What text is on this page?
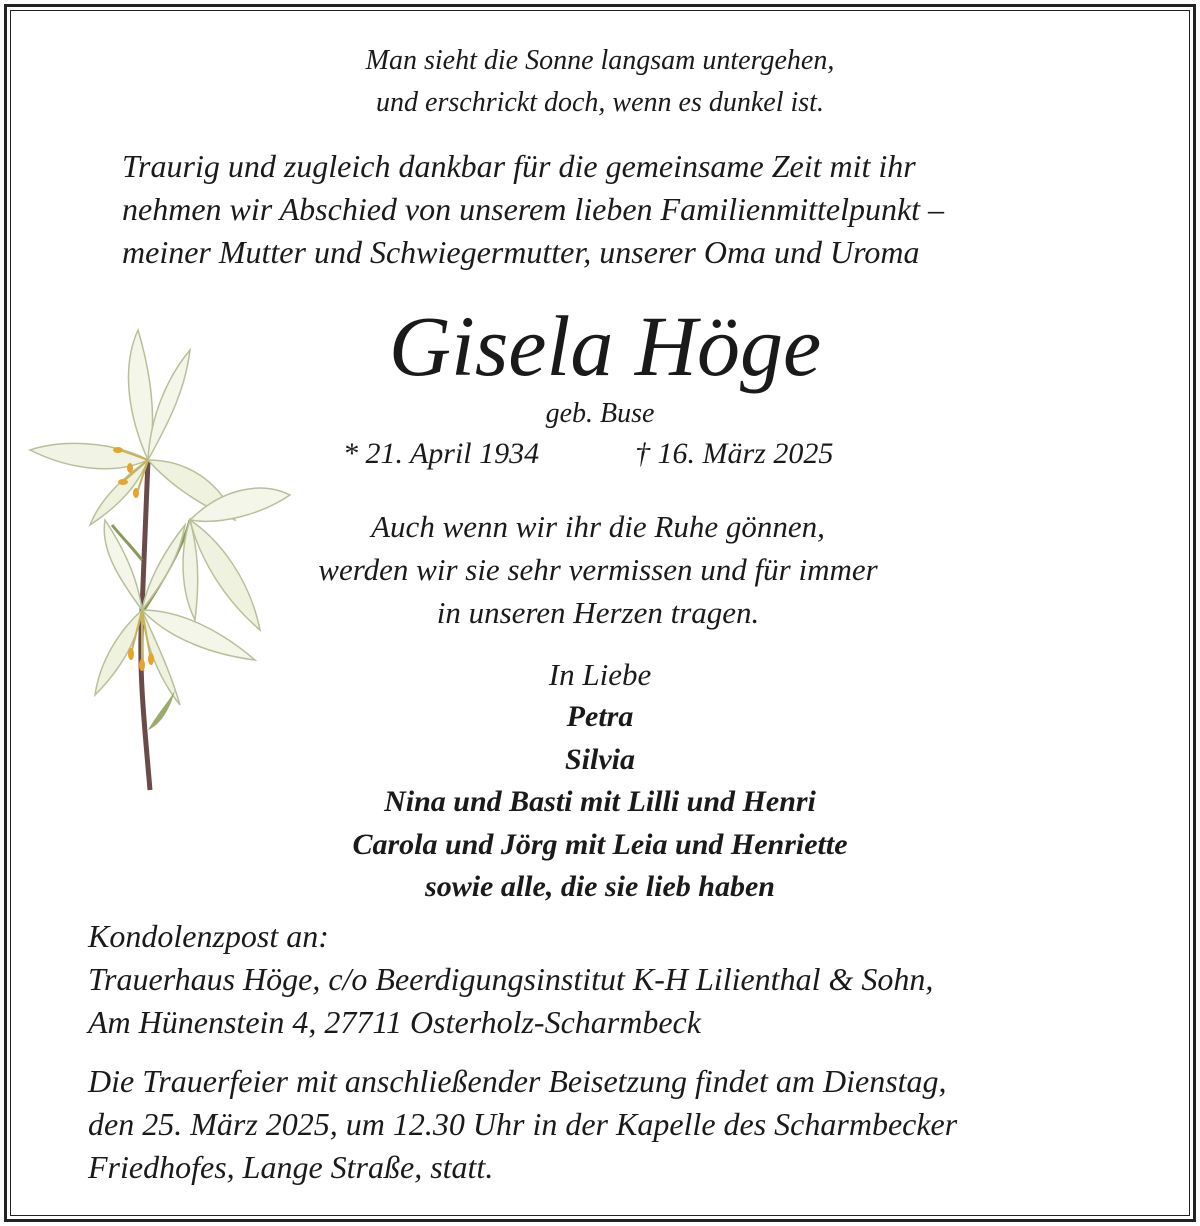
Man sieht die Sonne langsam untergehen,
und erschrickt doch, wenn es dunkel ist.
Traurig und zugleich dankbar für die gemeinsame Zeit mit ihr
nehmen wir Abschied von unserem lieben Familienmittelpunkt –
meiner Mutter und Schwiegermutter, unserer Oma und Uroma
Gisela Höge
geb. Buse
* 21. April 1934	† 16. März 2025
Auch wenn wir ihr die Ruhe gönnen,
werden wir sie sehr vermissen und für immer
in unseren Herzen tragen.
In Liebe
Petra
Silvia
Nina und Basti mit Lilli und Henri
Carola und Jörg mit Leia und Henriette
sowie alle, die sie lieb haben
Kondolenzpost an:
Trauerhaus Höge, c/o Beerdigungsinstitut K-H Lilienthal & Sohn,
Am Hünenstein 4, 27711 Osterholz-Scharmbeck
Die Trauerfeier mit anschließender Beisetzung findet am Dienstag,
den 25. März 2025, um 12.30 Uhr in der Kapelle des Scharmbecker
Friedhofes, Lange Straße, statt.
